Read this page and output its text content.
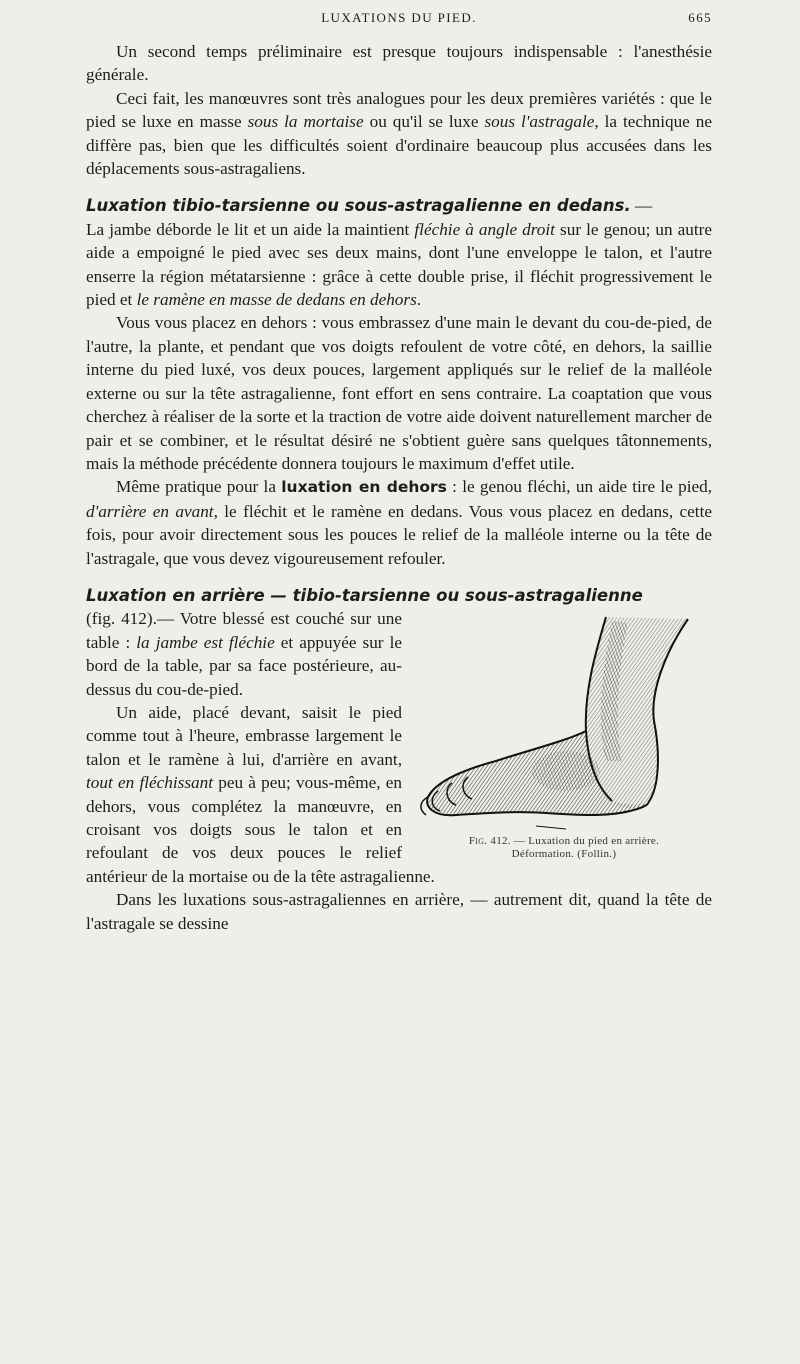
LUXATIONS DU PIED.	665

Un second temps préliminaire est presque toujours indispensable : l'anesthésie générale.

Ceci fait, les manœuvres sont très analogues pour les deux premières variétés : que le pied se luxe en masse sous la mortaise ou qu'il se luxe sous l'astragale, la technique ne diffère pas, bien que les difficultés soient d'ordinaire beaucoup plus accusées dans les déplacements sous-astragaliens.

Luxation tibio-tarsienne ou sous-astragalienne en dedans. —

La jambe déborde le lit et un aide la maintient fléchie à angle droit sur le genou; un autre aide a empoigné le pied avec ses deux mains, dont l'une enveloppe le talon, et l'autre enserre la région métatarsienne : grâce à cette double prise, il fléchit progressivement le pied et le ramène en masse de dedans en dehors.

Vous vous placez en dehors : vous embrassez d'une main le devant du cou-de-pied, de l'autre, la plante, et pendant que vos doigts refoulent de votre côté, en dehors, la saillie interne du pied luxé, vos deux pouces, largement appliqués sur le relief de la malléole externe ou sur la tête astragalienne, font effort en sens contraire. La coaptation que vous cherchez à réaliser de la sorte et la traction de votre aide doivent naturellement marcher de pair et se combiner, et le résultat désiré ne s'obtient guère sans quelques tâtonnements, mais la méthode précédente donnera toujours le maximum d'effet utile.

Même pratique pour la luxation en dehors : le genou fléchi, un aide tire le pied, d'arrière en avant, le fléchit et le ramène en dedans. Vous vous placez en dedans, cette fois, pour avoir directement sous les pouces le relief de la malléole interne ou la tête de l'astragale, que vous devez vigoureusement refouler.

Luxation en arrière — tibio-tarsienne ou sous-astragalienne

Fig. 412. — Luxation du pied en arrière.
Déformation. (Follin.)

(fig. 412).— Votre blessé est couché sur une table : la jambe est fléchie et appuyée sur le bord de la table, par sa face postérieure, au-dessus du cou-de-pied.

Un aide, placé devant, saisit le pied comme tout à l'heure, embrasse largement le talon et le ramène à lui, d'arrière en avant, tout en fléchissant peu à peu; vous-même, en dehors, vous complétez la manœuvre, en croisant vos doigts sous le talon et en refoulant de vos deux pouces le relief antérieur de la mortaise ou de la tête astragalienne.

Dans les luxations sous-astragaliennes en arrière, — autrement dit, quand la tête de l'astragale se dessine
